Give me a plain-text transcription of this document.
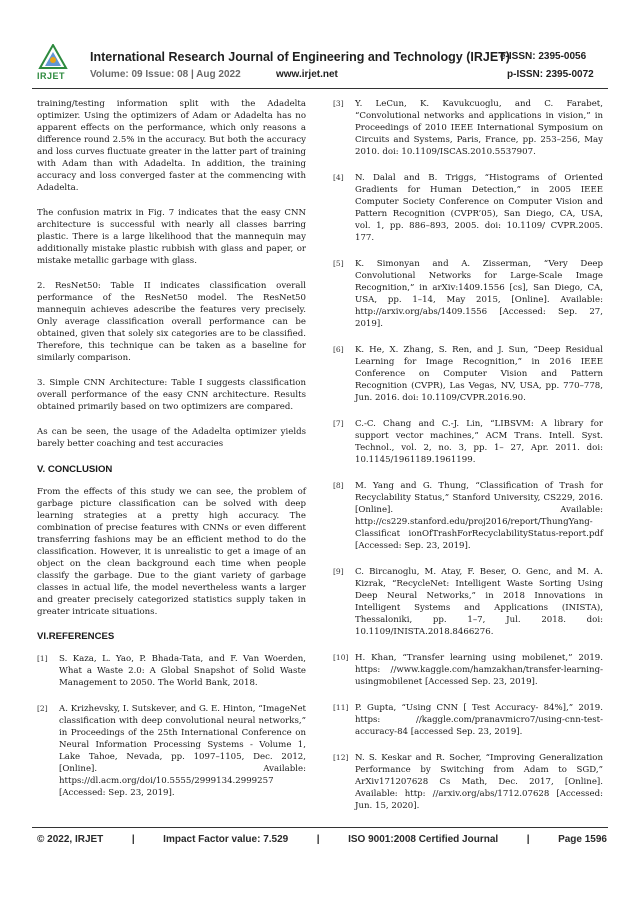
IRJET
International Research Journal of Engineering and Technology (IRJET)
e-ISSN: 2395-0056
Volume: 09 Issue: 08 | Aug 2022	www.irjet.net	p-ISSN: 2395-0072

training/testing information split with the Adadelta optimizer. Using the optimizers of Adam or Adadelta has no apparent effects on the performance, which only reasons a difference round 2.5% in the accuracy. But both the accuracy and loss curves fluctuate greater in the latter part of training with Adam than with Adadelta. In addition, the training accuracy and loss converged faster at the commencing with Adadelta.

The confusion matrix in Fig. 7 indicates that the easy CNN architecture is successful with nearly all classes barring plastic. There is a large likelihood that the mannequin may additionally mistake plastic rubbish with glass and paper, or mistake metallic garbage with glass.

2. ResNet50: Table II indicates classification overall performance of the ResNet50 model. The ResNet50 mannequin achieves adescribe the features very precisely. Only average classification overall performance can be obtained, given that solely six categories are to be classified. Therefore, this technique can be taken as a baseline for similarly comparison.

3. Simple CNN Architecture: Table I suggests classification overall performance of the easy CNN architecture. Results obtained primarily based on two optimizers are compared.

As can be seen, the usage of the Adadelta optimizer yields barely better coaching and test accuracies

V. CONCLUSION

From the effects of this study we can see, the problem of garbage picture classification can be solved with deep learning strategies at a pretty high accuracy. The combination of precise features with CNNs or even different transferring fashions may be an efficient method to do the classification. However, it is unrealistic to get a image of an object on the clean background each time when people classify the garbage. Due to the giant variety of garbage classes in actual life, the model nevertheless wants a larger and greater precisely categorized statistics supply taken in greater intricate situations.

VI.REFERENCES
[1]	S. Kaza, L. Yao, P. Bhada-Tata, and F. Van Woerden, What a Waste 2.0: A Global Snapshot of Solid Waste Management to 2050. The World Bank, 2018.
[2]	A. Krizhevsky, I. Sutskever, and G. E. Hinton, “ImageNet classification with deep convolutional neural networks,” in Proceedings of the 25th International Conference on Neural Information Processing Systems - Volume 1, Lake Tahoe, Nevada, pp. 1097–1105, Dec. 2012, [Online]. Available: https://dl.acm.org/doi/10.5555/2999134.2999257 [Accessed: Sep. 23, 2019].
[3]	Y. LeCun, K. Kavukcuoglu, and C. Farabet, “Convolutional networks and applications in vision,” in Proceedings of 2010 IEEE International Symposium on Circuits and Systems, Paris, France, pp. 253–256, May 2010. doi: 10.1109/ISCAS.2010.5537907.
[4]	N. Dalal and B. Triggs, “Histograms of Oriented Gradients for Human Detection,” in 2005 IEEE Computer Society Conference on Computer Vision and Pattern Recognition (CVPR’05), San Diego, CA, USA, vol. 1, pp. 886–893, 2005. doi: 10.1109/ CVPR.2005. 177.
[5]	K. Simonyan and A. Zisserman, “Very Deep Convolutional Networks for Large-Scale Image Recognition,” in arXiv:1409.1556 [cs], San Diego, CA, USA, pp. 1–14, May 2015, [Online]. Available: http://arxiv.org/abs/1409.1556 [Accessed: Sep. 27, 2019].
[6]	K. He, X. Zhang, S. Ren, and J. Sun, “Deep Residual Learning for Image Recognition,” in 2016 IEEE Conference on Computer Vision and Pattern Recognition (CVPR), Las Vegas, NV, USA, pp. 770–778, Jun. 2016. doi: 10.1109/CVPR.2016.90.
[7]	C.-C. Chang and C.-J. Lin, “LIBSVM: A library for support vector machines,” ACM Trans. Intell. Syst. Technol., vol. 2, no. 3, pp. 1– 27, Apr. 2011. doi: 10.1145/1961189.1961199.
[8]	M. Yang and G. Thung, “Classification of Trash for Recyclability Status,” Stanford University, CS229, 2016. [Online]. Available: http://cs229.stanford.edu/proj2016/report/ThungYang-Classificat ionOfTrashForRecyclabilityStatus-report.pdf [Accessed: Sep. 23, 2019].
[9]	C. Bircanoglu, M. Atay, F. Beser, O. Genc, and M. A. Kizrak, “RecycleNet: Intelligent Waste Sorting Using Deep Neural Networks,” in 2018 Innovations in Intelligent Systems and Applications (INISTA), Thessaloniki, pp. 1–7, Jul. 2018. doi: 10.1109/INISTA.2018.8466276.
[10] H. Khan, “Transfer learning using mobilenet,” 2019. https: //www.kaggle.com/hamzakhan/transfer-learning-usingmobilenet [Accessed Sep. 23, 2019].
[11] P. Gupta, “Using CNN [ Test Accuracy- 84%],” 2019. https: //kaggle.com/pranavmicro7/using-cnn-test-accuracy-84 [accessed Sep. 23, 2019].
[12] N. S. Keskar and R. Socher, “Improving Generalization Performance by Switching from Adam to SGD,” ArXiv171207628 Cs Math, Dec. 2017, [Online]. Available: http: //arxiv.org/abs/1712.07628 [Accessed: Jun. 15, 2020].
© 2022, IRJET	|	Impact Factor value: 7.529	|	ISO 9001:2008 Certified Journal	|	Page 1596
